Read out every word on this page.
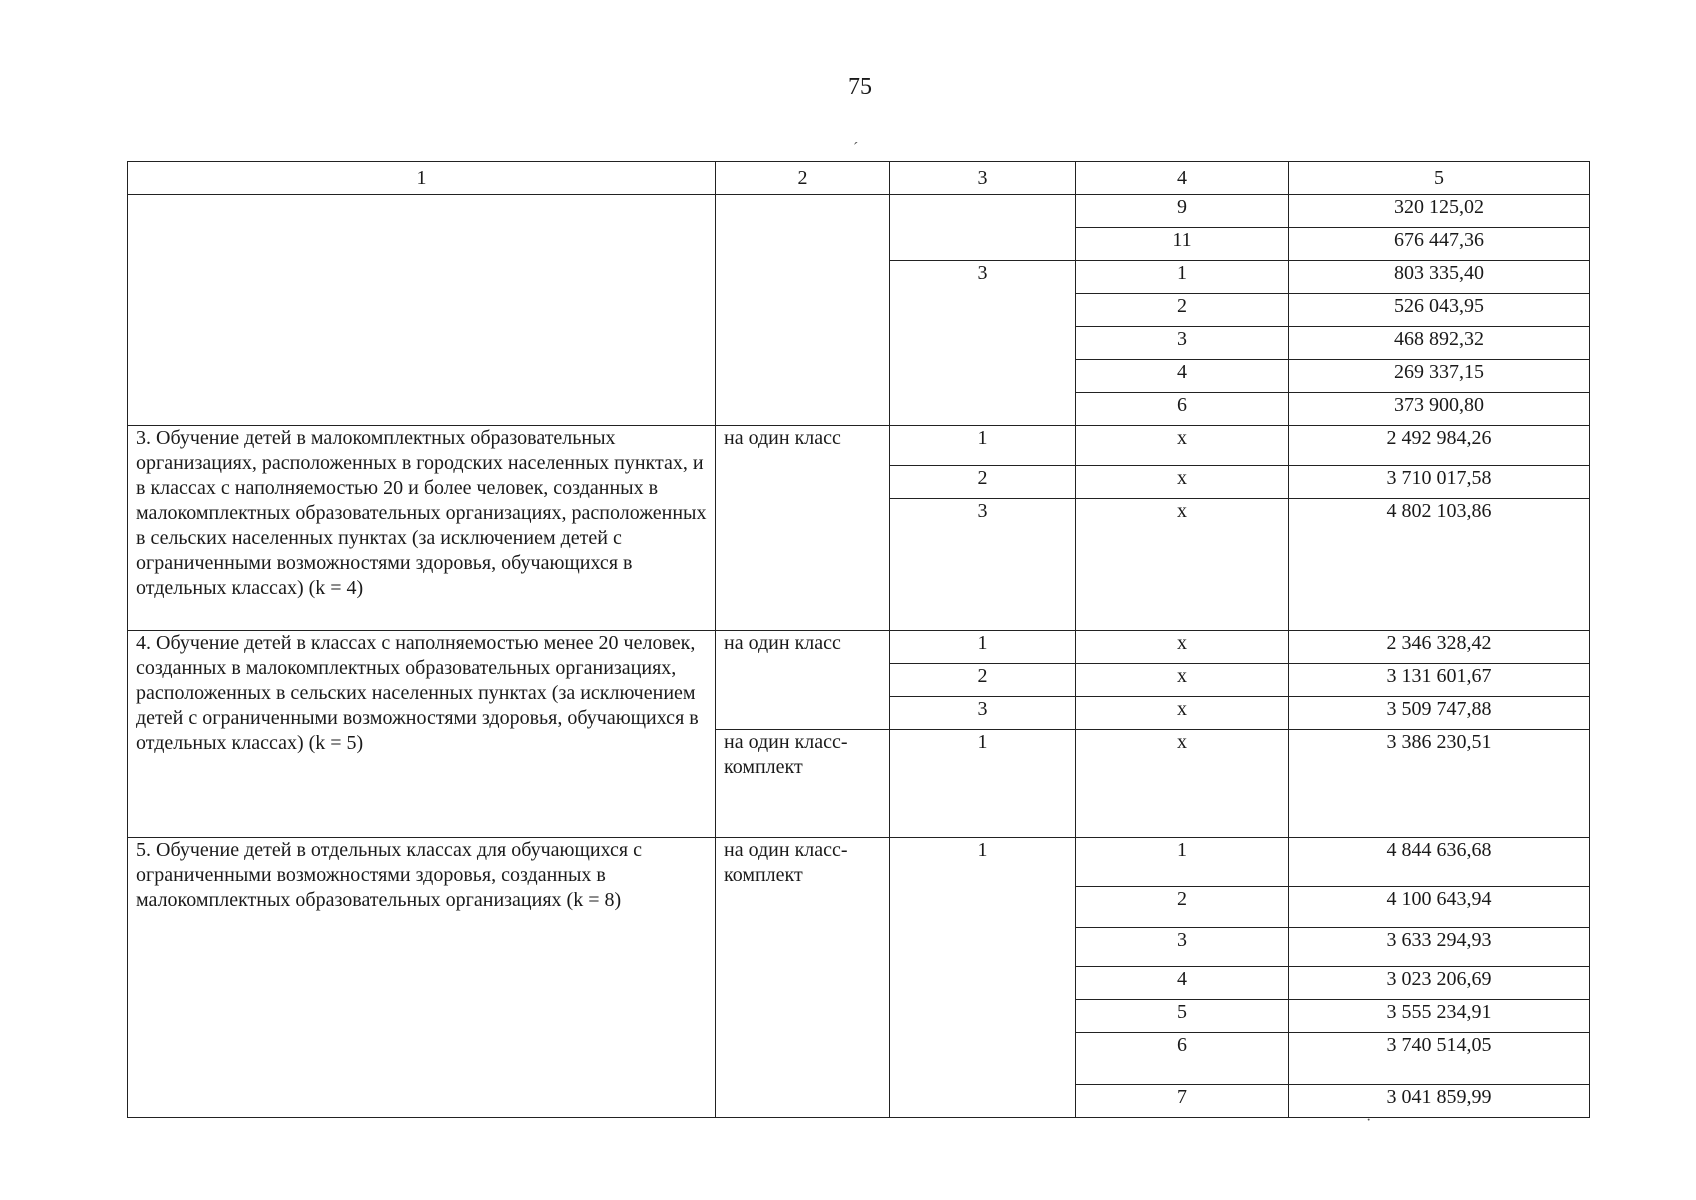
75
´
·
1	2	3	4	5
			9	320 125,02
			11	676 447,36
		3	1	803 335,40
			2	526 043,95
			3	468 892,32
			4	269 337,15
			6	373 900,80
3. Обучение детей в малокомплектных образовательных организациях, расположенных в городских населенных пунктах, и в классах с наполняемостью 20 и более человек, созданных в малокомплектных образовательных организациях, расположенных в сельских населенных пунктах (за исключением детей с ограниченными возможностями здоровья, обучающихся в отдельных классах) (k = 4)	на один класс	1	х	2 492 984,26
		2	х	3 710 017,58
		3	х	4 802 103,86
4. Обучение детей в классах с наполняемостью менее 20 человек, созданных в малокомплектных образовательных организациях, расположенных в сельских населенных пунктах (за исключением детей с ограниченными возможностями здоровья, обучающихся в отдельных классах) (k = 5)	на один класс	1	х	2 346 328,42
		2	х	3 131 601,67
		3	х	3 509 747,88
	на один класс-комплект	1	х	3 386 230,51
5. Обучение детей в отдельных классах для обучающихся с ограниченными возможностями здоровья, созданных в малокомплектных образовательных организациях (k = 8)	на один класс-комплект	1	1	4 844 636,68
			2	4 100 643,94
			3	3 633 294,93
			4	3 023 206,69
			5	3 555 234,91
			6	3 740 514,05
			7	3 041 859,99
